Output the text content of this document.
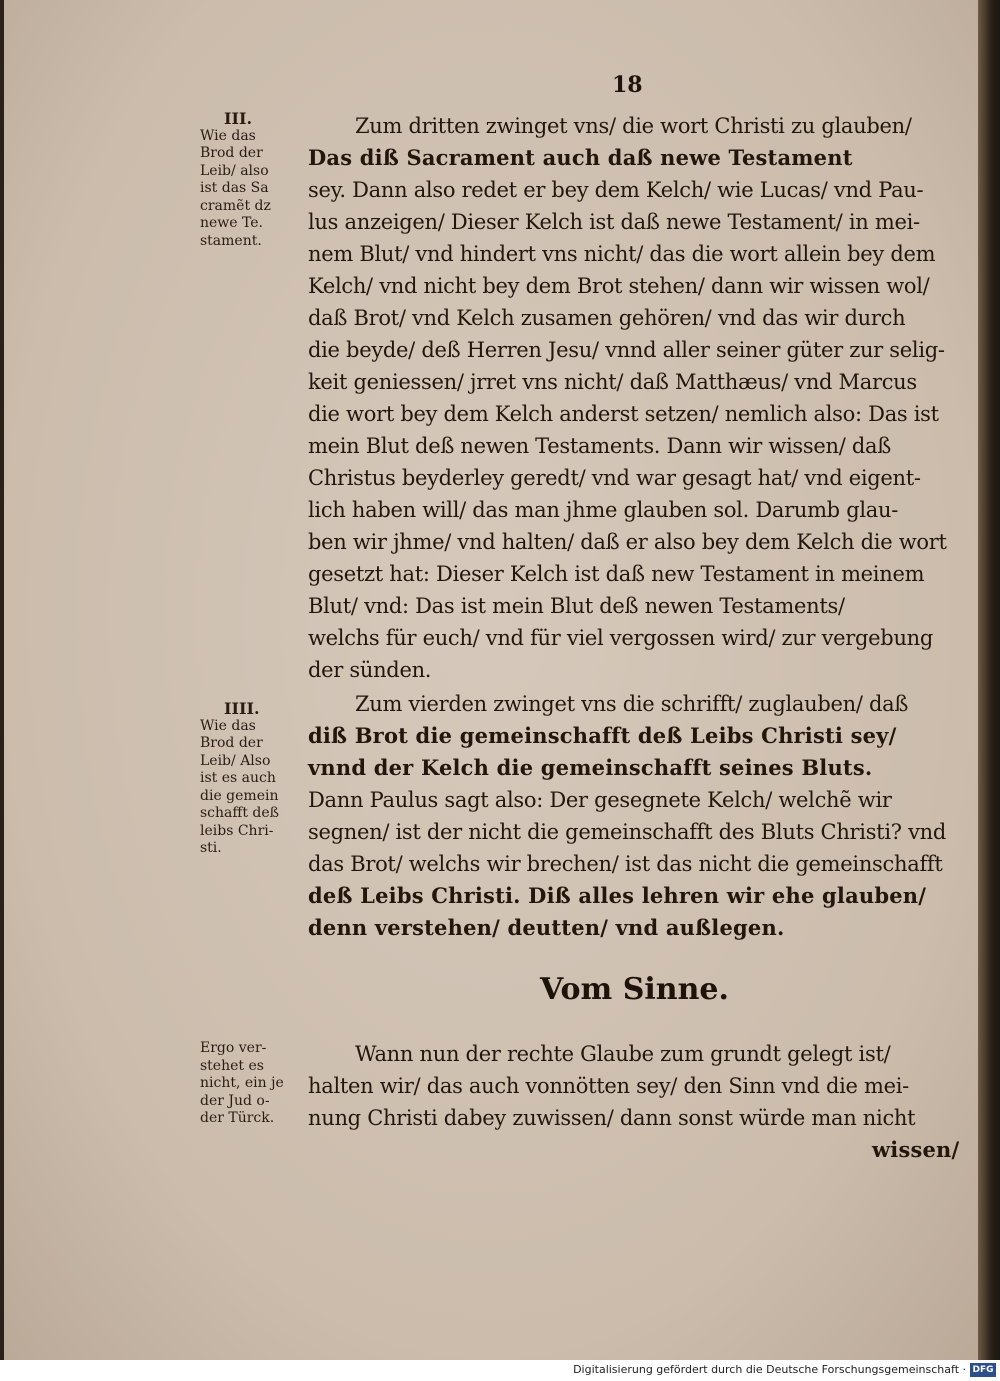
18
III.
Wie das
Brod der
Leib/ also
ist das Sa
cramẽt dz
newe Te.
stament.
Zum dritten zwinget vns/ die wort Christi zu glauben/
Das diß Sacrament auch daß newe Testament
sey. Dann also redet er bey dem Kelch/ wie Lucas/ vnd Pau-
lus anzeigen/ Dieser Kelch ist daß newe Testament/ in mei-
nem Blut/ vnd hindert vns nicht/ das die wort allein bey dem
Kelch/ vnd nicht bey dem Brot stehen/ dann wir wissen wol/
daß Brot/ vnd Kelch zusamen gehören/ vnd das wir durch
die beyde/ deß Herren Jesu/ vnnd aller seiner güter zur selig-
keit geniessen/ jrret vns nicht/ daß Matthæus/ vnd Marcus
die wort bey dem Kelch anderst setzen/ nemlich also: Das ist
mein Blut deß newen Testaments. Dann wir wissen/ daß
Christus beyderley geredt/ vnd war gesagt hat/ vnd eigent-
lich haben will/ das man jhme glauben sol. Darumb glau-
ben wir jhme/ vnd halten/ daß er also bey dem Kelch die wort
gesetzt hat: Dieser Kelch ist daß new Testament in meinem
Blut/ vnd: Das ist mein Blut deß newen Testaments/
welchs für euch/ vnd für viel vergossen wird/ zur vergebung
der sünden.
IIII.
Wie das
Brod der
Leib/ Also
ist es auch
die gemein
schafft deß
leibs Chri-
sti.
Zum vierden zwinget vns die schrifft/ zuglauben/ daß
diß Brot die gemeinschafft deß Leibs Christi sey/
vnnd der Kelch die gemeinschafft seines Bluts.
Dann Paulus sagt also: Der gesegnete Kelch/ welchẽ wir
segnen/ ist der nicht die gemeinschafft des Bluts Christi? vnd
das Brot/ welchs wir brechen/ ist das nicht die gemeinschafft
deß Leibs Christi. Diß alles lehren wir ehe glauben/
denn verstehen/ deutten/ vnd außlegen.
Vom Sinne.
Ergo ver-
stehet es
nicht, ein je
der Jud o-
der Türck.
Wann nun der rechte Glaube zum grundt gelegt ist/
halten wir/ das auch vonnötten sey/ den Sinn vnd die mei-
nung Christi dabey zuwissen/ dann sonst würde man nicht
wissen/
Digitalisierung gefördert durch die Deutsche Forschungsgemeinschaft · DFG
